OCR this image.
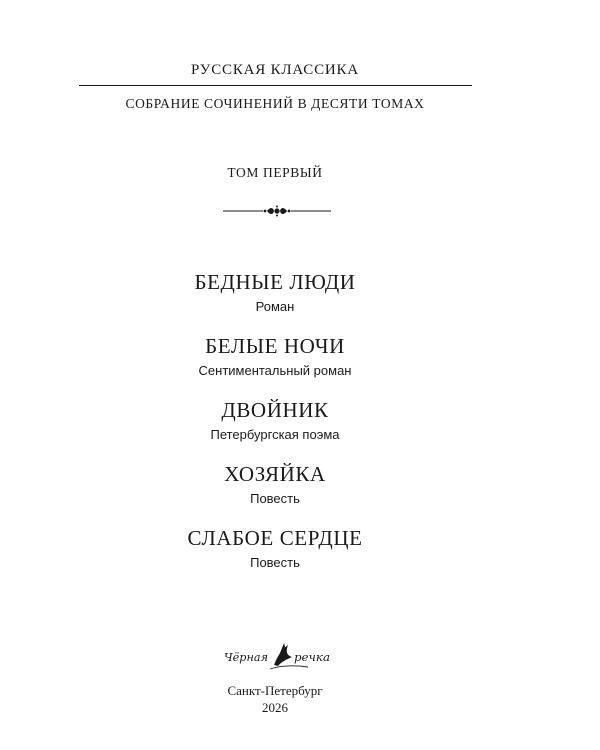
РУССКАЯ КЛАССИКА
СОБРАНИЕ СОЧИНЕНИЙ В ДЕСЯТИ ТОМАХ
ТОМ ПЕРВЫЙ
БЕДНЫЕ ЛЮДИ
Роман
БЕЛЫЕ НОЧИ
Сентиментальный роман
ДВОЙНИК
Петербургская поэма
ХОЗЯЙКА
Повесть
СЛАБОЕ СЕРДЦЕ
Повесть
Чёрная речка
Санкт-Петербург
2026
